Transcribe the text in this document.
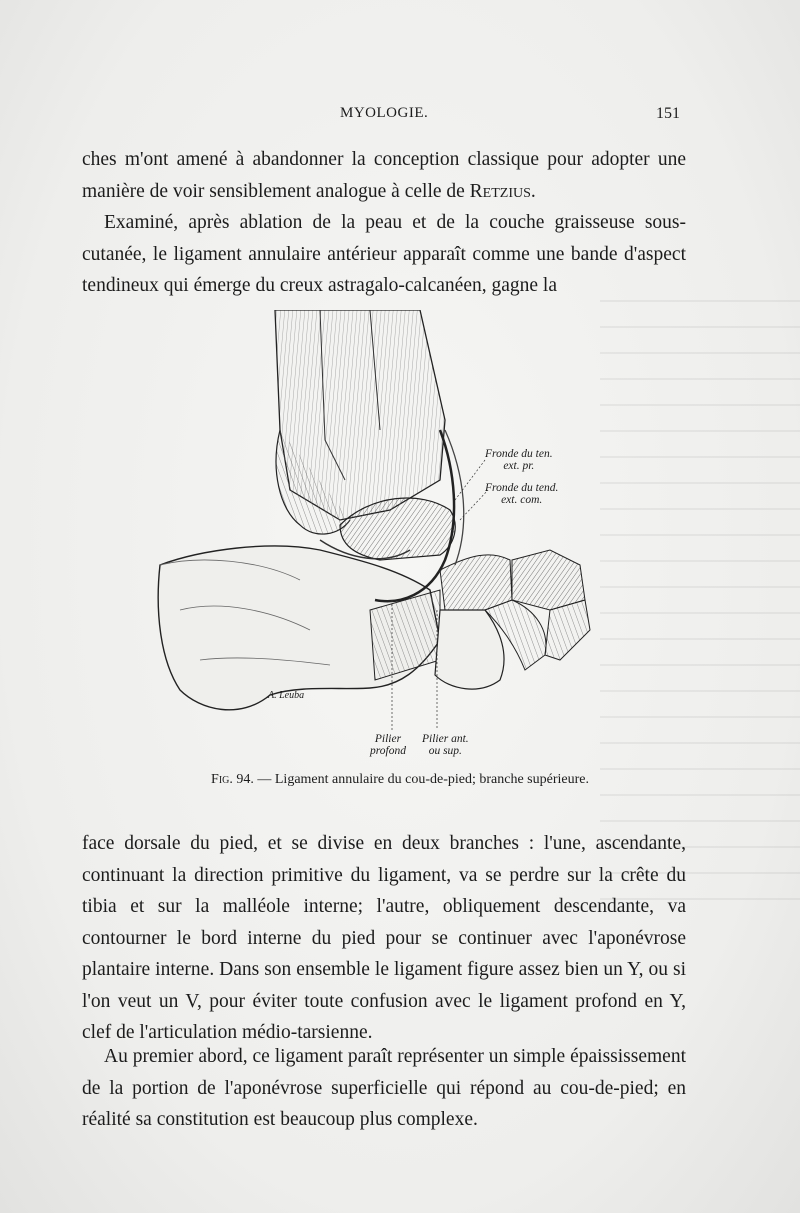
MYOLOGIE.	151

ches m'ont amené à abandonner la conception classique pour adopter une manière de voir sensiblement analogue à celle de Retzius.

Examiné, après ablation de la peau et de la couche graisseuse sous-cutanée, le ligament annulaire antérieur apparaît comme une bande d'aspect tendineux qui émerge du creux astragalo-calcanéen, gagne la

Fronde du ten.
ext. pr.
Fronde du tend.
ext. com.
Pilier
profond
Pilier ant.
ou sup.
A. Leuba
Fig. 94. — Ligament annulaire du cou-de-pied; branche supérieure.

face dorsale du pied, et se divise en deux branches : l'une, ascendante, continuant la direction primitive du ligament, va se perdre sur la crête du tibia et sur la malléole interne; l'autre, obliquement descendante, va contourner le bord interne du pied pour se continuer avec l'aponévrose plantaire interne. Dans son ensemble le ligament figure assez bien un Y, ou si l'on veut un V, pour éviter toute confusion avec le ligament profond en Y, clef de l'articulation médio-tarsienne.

Au premier abord, ce ligament paraît représenter un simple épaississement de la portion de l'aponévrose superficielle qui répond au cou-de-pied; en réalité sa constitution est beaucoup plus complexe.
